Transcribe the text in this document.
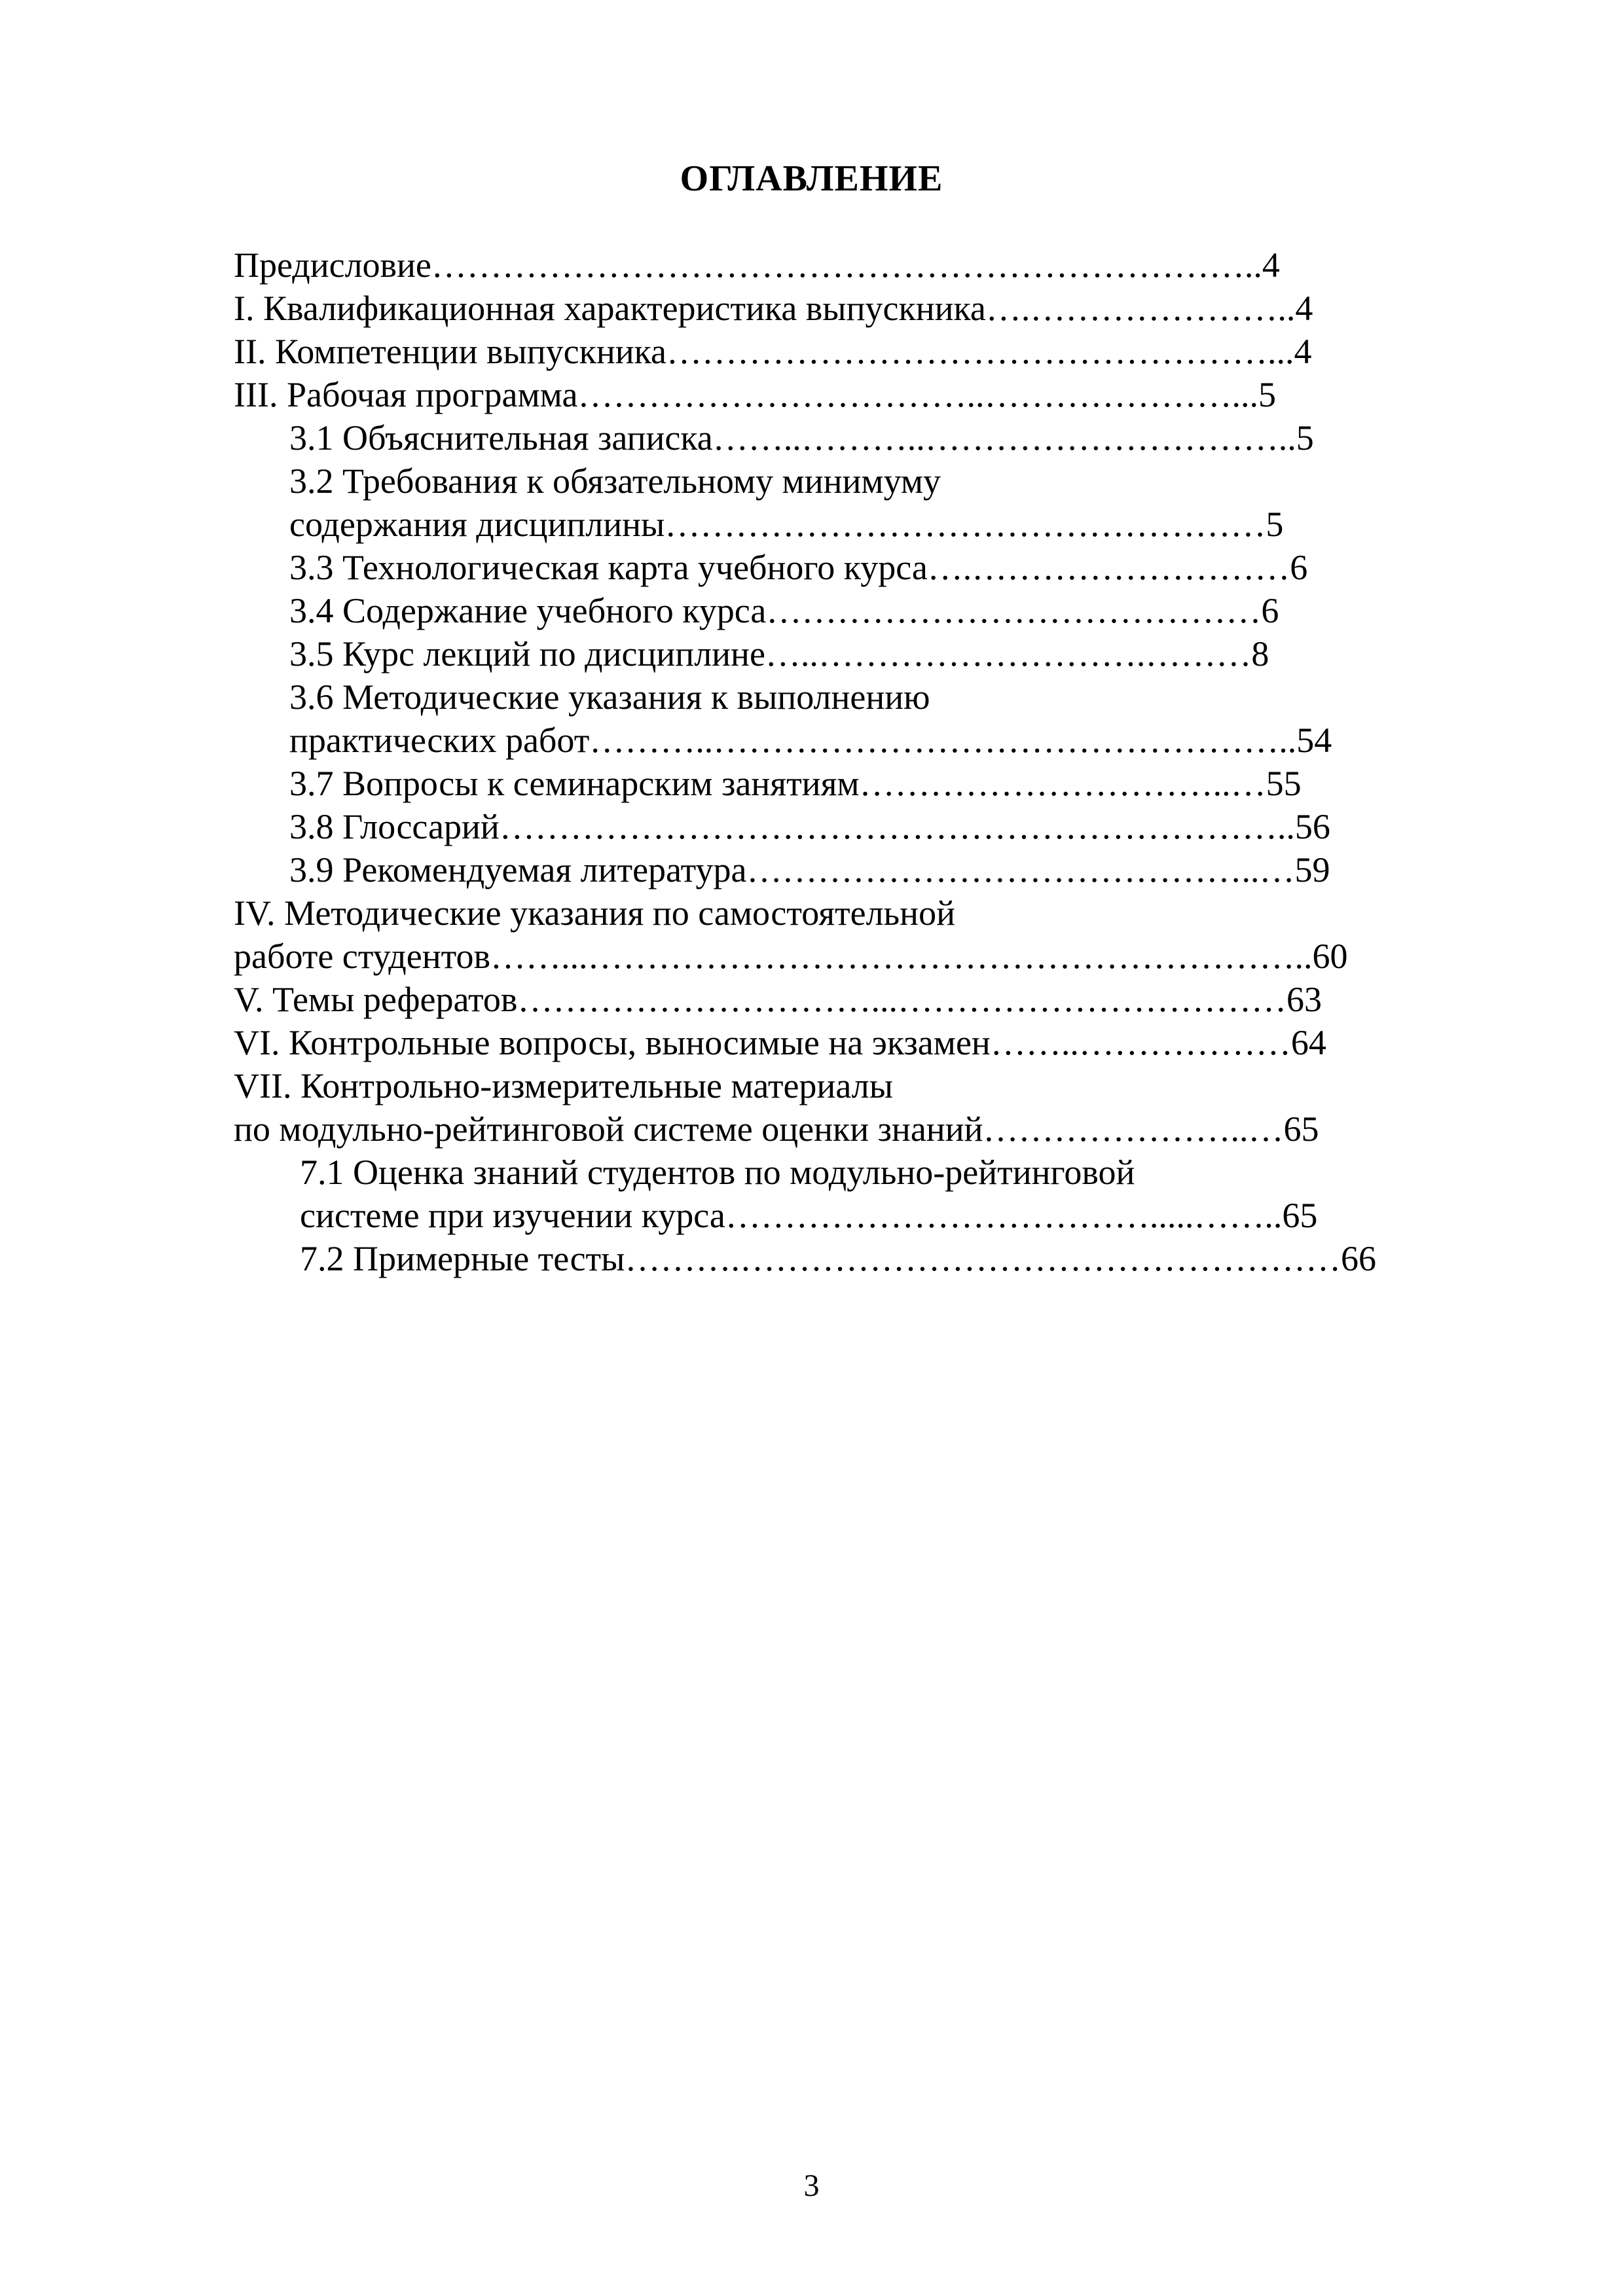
ОГЛАВЛЕНИЕ
Предисловие……………………………………………………………..4
I. Квалификационная характеристика выпускника….…………………..4
II. Компетенции выпускника……………………………………………...4
III. Рабочая программа……………………………..…………………...5
3.1 Объяснительная записка……..………..…………………………..5
3.2 Требования к обязательному минимуму
содержания дисциплины……………………………………………5
3.3 Технологическая карта учебного курса….………………………6
3.4 Содержание учебного курса……………………………………6
3.5 Курс лекций по дисциплине…..……………………….………8
3.6 Методические указания к выполнению
практических работ………..…………………………………………..54
3.7 Вопросы к семинарским занятиям…………………………..…55
3.8 Глоссарий…………………………………………………………..56
3.9 Рекомендуемая литература……………………………………..…59
IV. Методические указания по самостоятельной
работе студентов……...……………………………………………………..60
V. Темы рефератов…………………………...……………………………63
VI. Контрольные вопросы, выносимые на экзамен……..………………64
VII. Контрольно-измерительные материалы
по модульно-рейтинговой системе оценки знаний…………………..…65
7.1 Оценка знаний студентов по модульно-рейтинговой
системе при изучении курса……………………………….....……..65
7.2 Примерные тесты……….……………………………………………66
3
